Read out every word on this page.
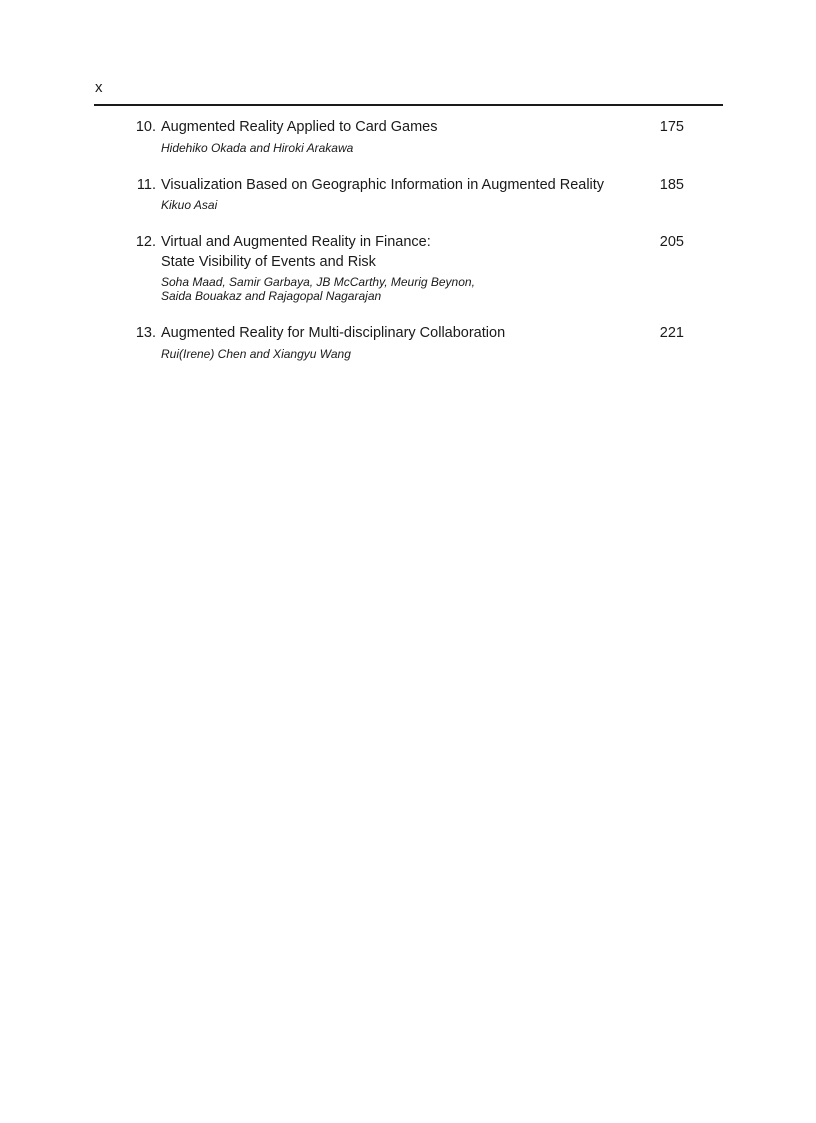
x
10. Augmented Reality Applied to Card Games
Hidehiko Okada and Hiroki Arakawa
175
11. Visualization Based on Geographic Information in Augmented Reality
Kikuo Asai
185
12. Virtual and Augmented Reality in Finance:
State Visibility of Events and Risk
Soha Maad, Samir Garbaya, JB McCarthy, Meurig Beynon,
Saida Bouakaz and Rajagopal Nagarajan
205
13. Augmented Reality for Multi-disciplinary Collaboration
Rui(Irene) Chen and Xiangyu Wang
221
